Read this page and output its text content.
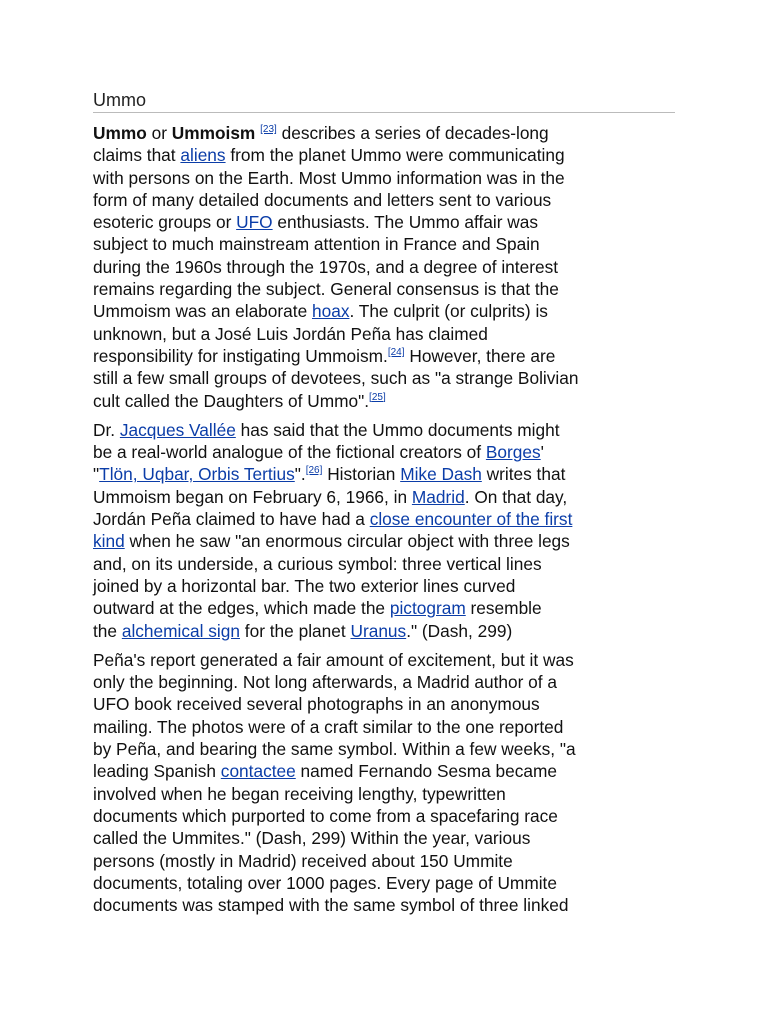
Ummo
Ummo or Ummoism [23] describes a series of decades-long
claims that aliens from the planet Ummo were communicating
with persons on the Earth. Most Ummo information was in the
form of many detailed documents and letters sent to various
esoteric groups or UFO enthusiasts. The Ummo affair was
subject to much mainstream attention in France and Spain
during the 1960s through the 1970s, and a degree of interest
remains regarding the subject. General consensus is that the
Ummoism was an elaborate hoax. The culprit (or culprits) is
unknown, but a José Luis Jordán Peña has claimed
responsibility for instigating Ummoism.[24] However, there are
still a few small groups of devotees, such as "a strange Bolivian
cult called the Daughters of Ummo".[25]
Dr. Jacques Vallée has said that the Ummo documents might
be a real-world analogue of the fictional creators of Borges'
"Tlön, Uqbar, Orbis Tertius".[26] Historian Mike Dash writes that
Ummoism began on February 6, 1966, in Madrid. On that day,
Jordán Peña claimed to have had a close encounter of the first
kind when he saw "an enormous circular object with three legs
and, on its underside, a curious symbol: three vertical lines
joined by a horizontal bar. The two exterior lines curved
outward at the edges, which made the pictogram resemble
the alchemical sign for the planet Uranus." (Dash, 299)
Peña's report generated a fair amount of excitement, but it was
only the beginning. Not long afterwards, a Madrid author of a
UFO book received several photographs in an anonymous
mailing. The photos were of a craft similar to the one reported
by Peña, and bearing the same symbol. Within a few weeks, "a
leading Spanish contactee named Fernando Sesma became
involved when he began receiving lengthy, typewritten
documents which purported to come from a spacefaring race
called the Ummites." (Dash, 299) Within the year, various
persons (mostly in Madrid) received about 150 Ummite
documents, totaling over 1000 pages. Every page of Ummite
documents was stamped with the same symbol of three linked
